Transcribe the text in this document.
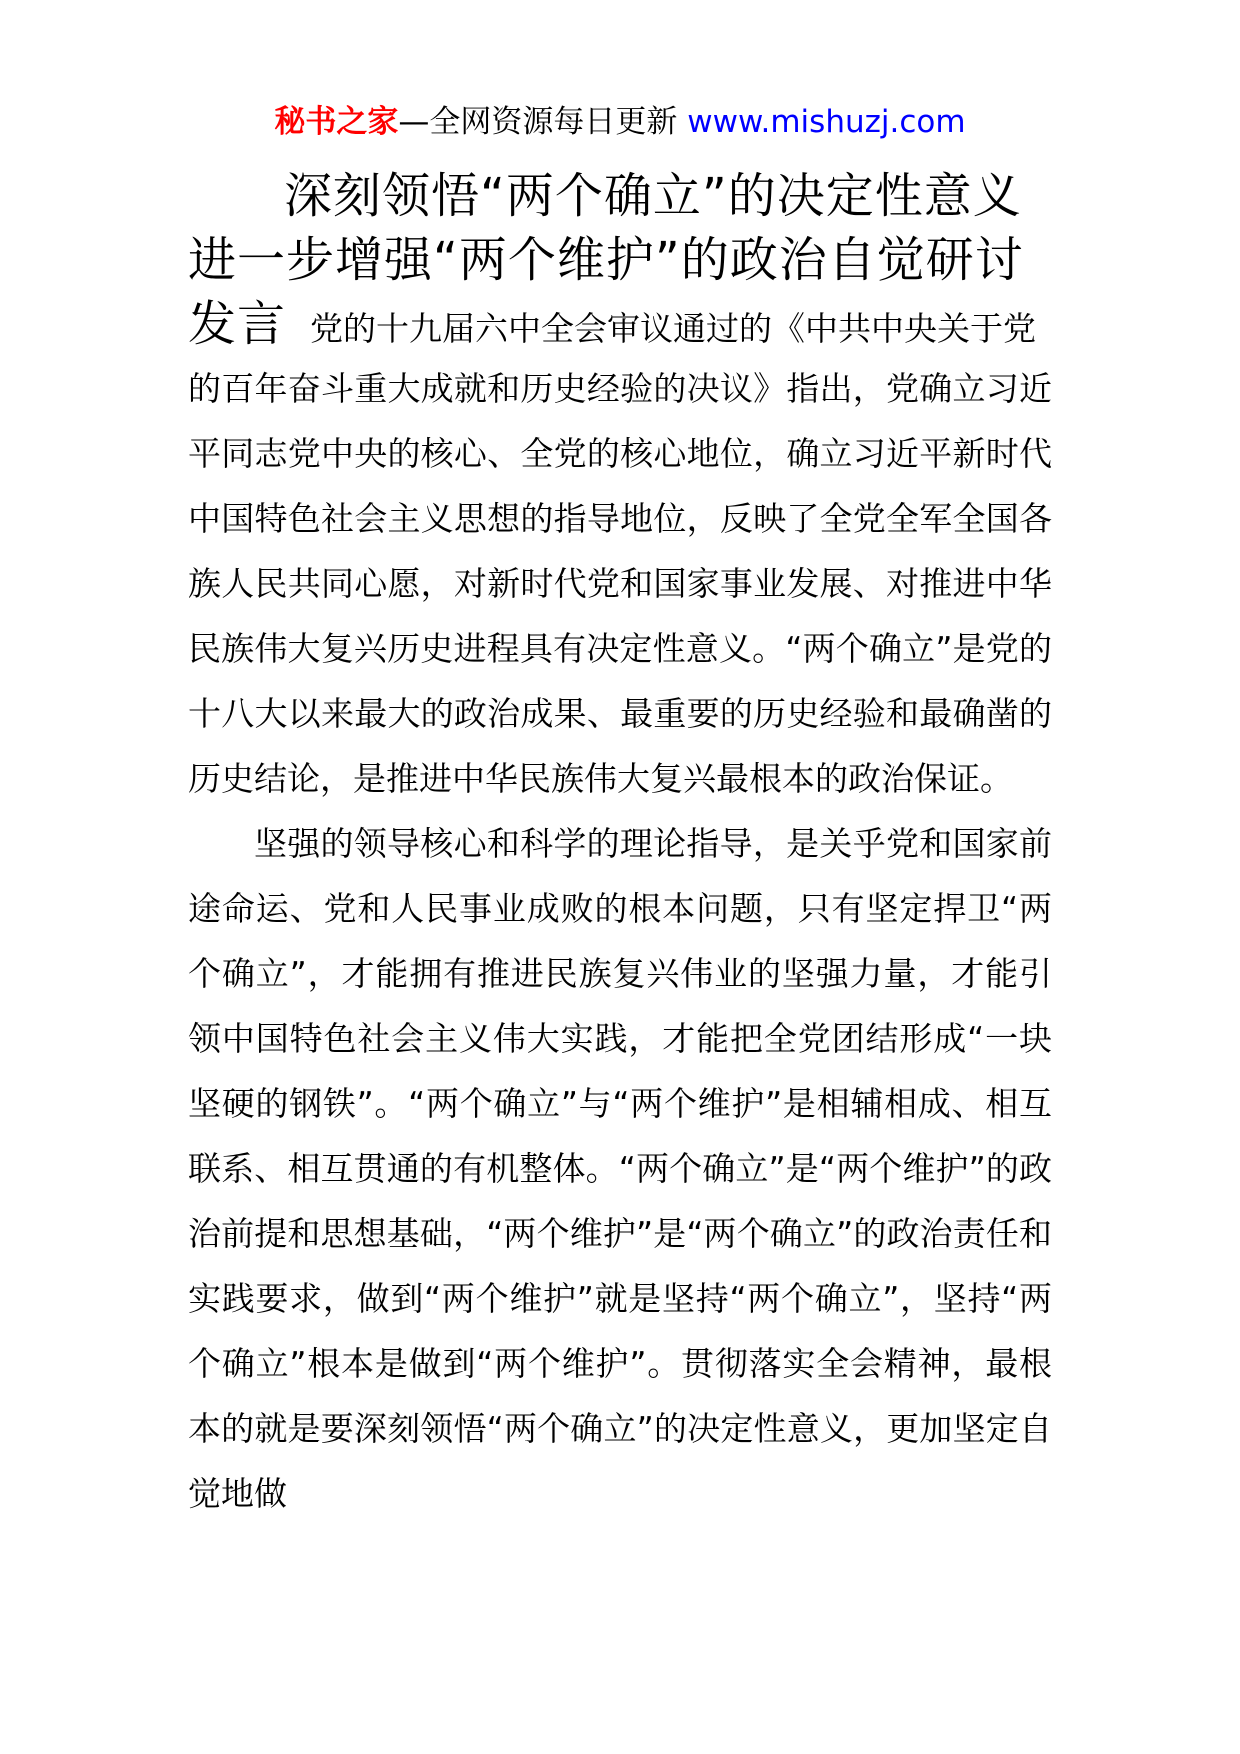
秘书之家—全网资源每日更新 www.mishuzj.com
深刻领悟“两个确立”的决定性意义
进一步增强“两个维护”的政治自觉研讨
发言 党的十九届六中全会审议通过的《中共中央关于党

的百年奋斗重大成就和历史经验的决议》指出，党确立习近平同志党中央的核心、全党的核心地位，确立习近平新时代中国特色社会主义思想的指导地位，反映了全党全军全国各族人民共同心愿，对新时代党和国家事业发展、对推进中华民族伟大复兴历史进程具有决定性意义。“两个确立”是党的十八大以来最大的政治成果、最重要的历史经验和最确凿的历史结论，是推进中华民族伟大复兴最根本的政治保证。

坚强的领导核心和科学的理论指导，是关乎党和国家前途命运、党和人民事业成败的根本问题，只有坚定捍卫“两个确立”，才能拥有推进民族复兴伟业的坚强力量，才能引领中国特色社会主义伟大实践，才能把全党团结形成“一块坚硬的钢铁”。“两个确立”与“两个维护”是相辅相成、相互联系、相互贯通的有机整体。“两个确立”是“两个维护”的政治前提和思想基础，“两个维护”是“两个确立”的政治责任和实践要求，做到“两个维护”就是坚持“两个确立”，坚持“两个确立”根本是做到“两个维护”。贯彻落实全会精神，最根本的就是要深刻领悟“两个确立”的决定性意义，更加坚定自觉地做
